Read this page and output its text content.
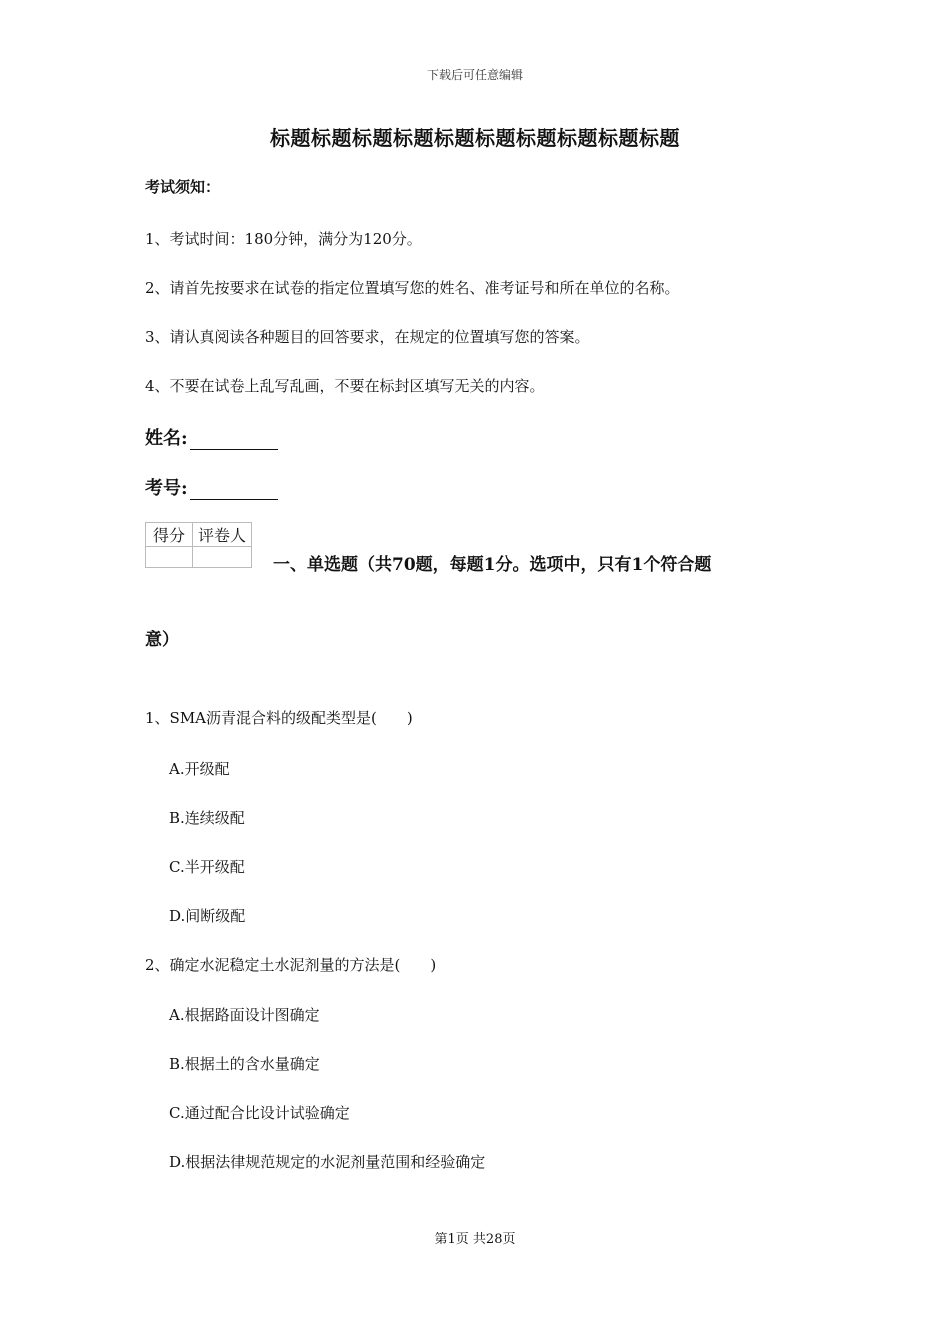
下载后可任意编辑
标题标题标题标题标题标题标题标题标题标题
考试须知：
1、考试时间：180分钟，满分为120分。
2、请首先按要求在试卷的指定位置填写您的姓名、准考证号和所在单位的名称。
3、请认真阅读各种题目的回答要求，在规定的位置填写您的答案。
4、不要在试卷上乱写乱画，不要在标封区填写无关的内容。
姓名:
考号:
得分	评卷人

一、单选题（共70题，每题1分。选项中，只有1个符合题
意）
1、SMA沥青混合料的级配类型是(　　)
A.开级配
B.连续级配
C.半开级配
D.间断级配
2、确定水泥稳定土水泥剂量的方法是(　　)
A.根据路面设计图确定
B.根据土的含水量确定
C.通过配合比设计试验确定
D.根据法律规范规定的水泥剂量范围和经验确定
第1页 共28页
